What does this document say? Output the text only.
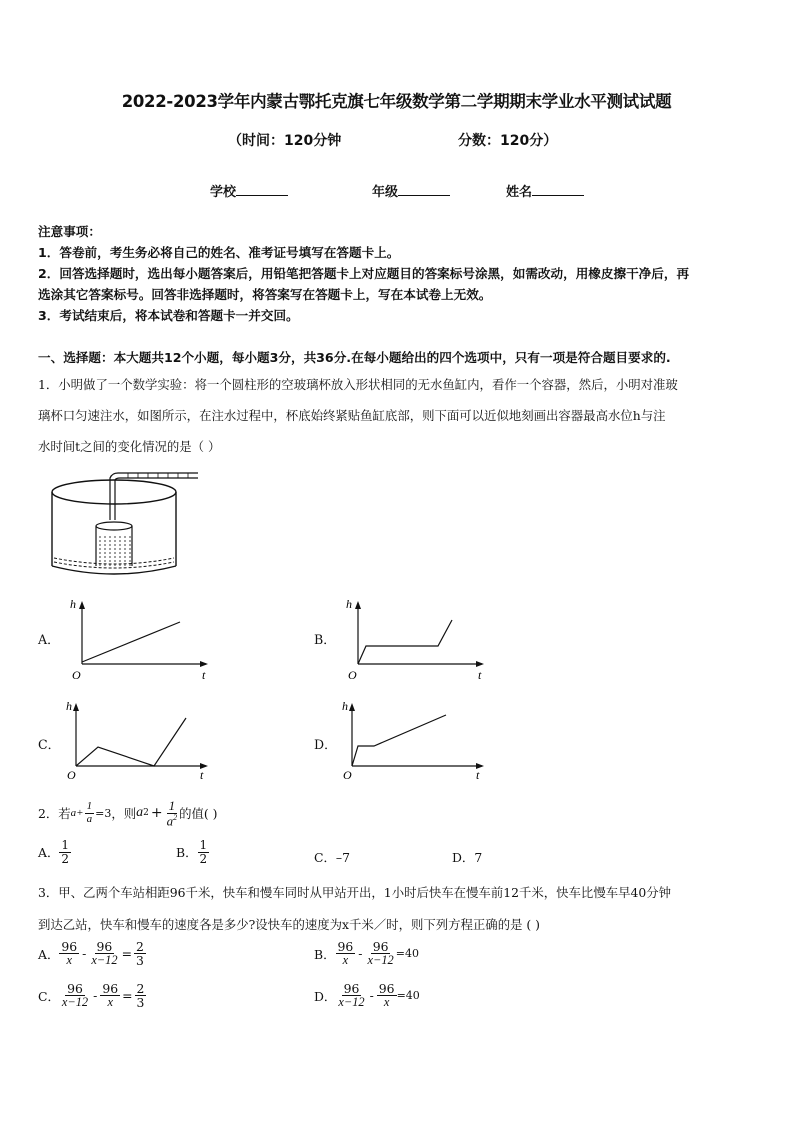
2022-2023学年内蒙古鄂托克旗七年级数学第二学期期末学业水平测试试题
（时间：120分钟	分数：120分）
学校	年级	姓名
注意事项：
1．答卷前，考生务必将自己的姓名、准考证号填写在答题卡上。
2．回答选择题时，选出每小题答案后，用铅笔把答题卡上对应题目的答案标号涂黑，如需改动，用橡皮擦干净后，再
选涂其它答案标号。回答非选择题时，将答案写在答题卡上，写在本试卷上无效。
3．考试结束后，将本试卷和答题卡一并交回。
一、选择题：本大题共12个小题，每小题3分，共36分.在每小题给出的四个选项中，只有一项是符合题目要求的.
1．小明做了一个数学实验：将一个圆柱形的空玻璃杯放入形状相同的无水鱼缸内，看作一个容器，然后，小明对准玻
璃杯口匀速注水，如图所示，在注水过程中，杯底始终紧贴鱼缸底部，则下面可以近似地刻画出容器最高水位h与注
水时间t之间的变化情况的是（ ）
A．
h
t
O
B．
h
t
O
C．
h
t
O
D．
h
t
O
2．若 $a+ \frac{1}{a} =3$ ，则 a $2 + \frac{1}{a^2}$ 的值( )
A． $\frac{1}{2}$	B． $\frac{1}{2}$	C．–7	D．7
3．甲、乙两个车站相距96千米，快车和慢车同时从甲站开出，1小时后快车在慢车前12千米，快车比慢车早40分钟
到达乙站，快车和慢车的速度各是多少?设快车的速度为x千米／时，则下列方程正确的是 ( )
A． $\frac{96}{x} - \frac{96}{x-12} = \frac{2}{3}$	B． $\frac{96}{x} - \frac{96}{x-12} =40$
C． $\frac{96}{x-12} - \frac{96}{x} = \frac{2}{3}$	D． $\frac{96}{x-12} - \frac{96}{x} =40$
